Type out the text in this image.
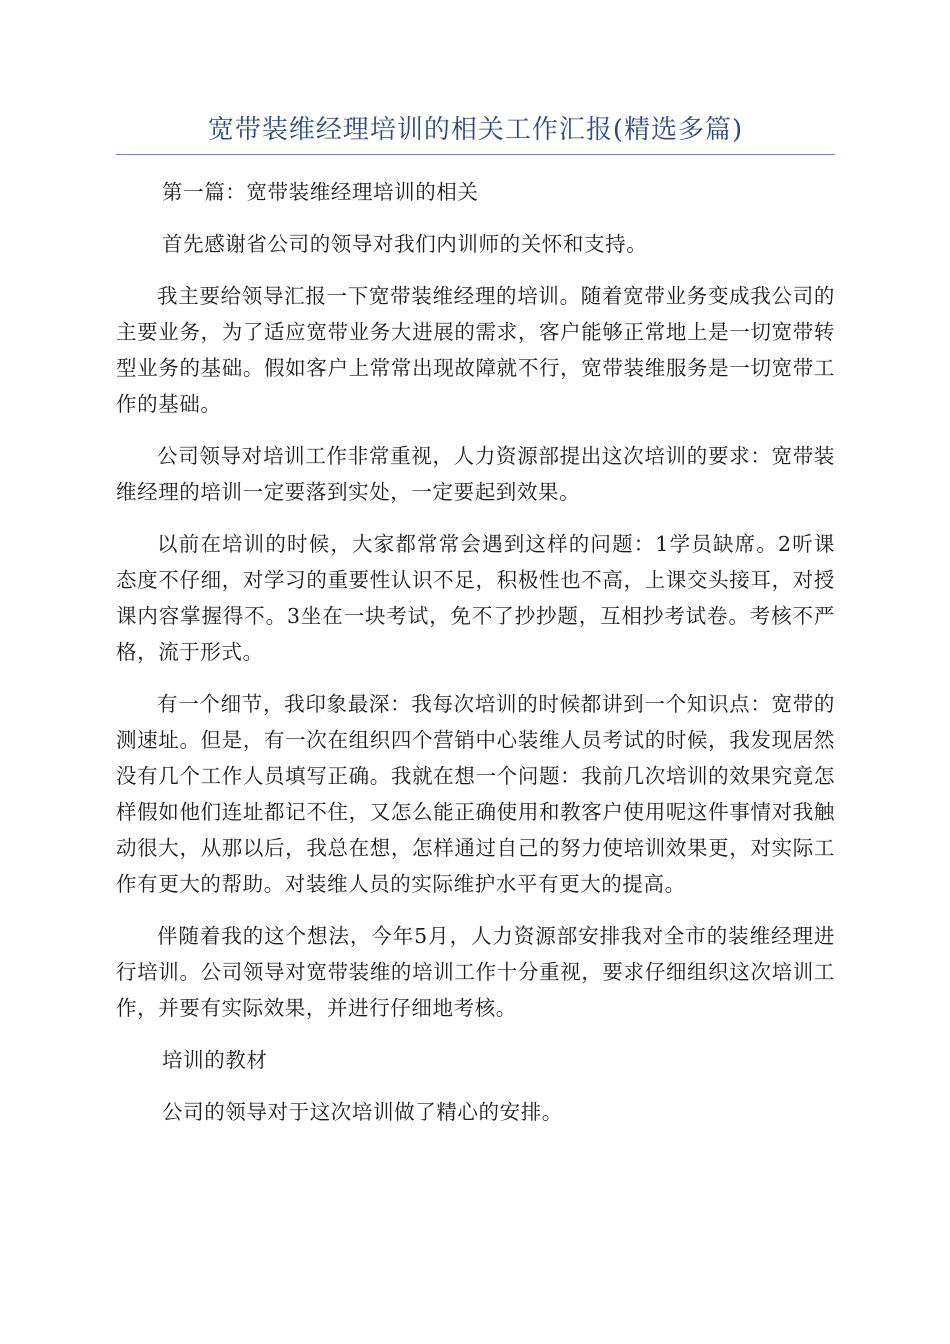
宽带装维经理培训的相关工作汇报(精选多篇)

第一篇：宽带装维经理培训的相关

首先感谢省公司的领导对我们内训师的关怀和支持。

我主要给领导汇报一下宽带装维经理的培训。随着宽带业务变成我公司的主要业务，为了适应宽带业务大进展的需求，客户能够正常地上是一切宽带转型业务的基础。假如客户上常常出现故障就不行，宽带装维服务是一切宽带工作的基础。

公司领导对培训工作非常重视，人力资源部提出这次培训的要求：宽带装维经理的培训一定要落到实处，一定要起到效果。

以前在培训的时候，大家都常常会遇到这样的问题：1学员缺席。2听课态度不仔细，对学习的重要性认识不足，积极性也不高，上课交头接耳，对授课内容掌握得不。3坐在一块考试，免不了抄抄题，互相抄考试卷。考核不严格，流于形式。

有一个细节，我印象最深：我每次培训的时候都讲到一个知识点：宽带的测速址。但是，有一次在组织四个营销中心装维人员考试的时候，我发现居然没有几个工作人员填写正确。我就在想一个问题：我前几次培训的效果究竟怎样假如他们连址都记不住，又怎么能正确使用和教客户使用呢这件事情对我触动很大，从那以后，我总在想，怎样通过自己的努力使培训效果更，对实际工作有更大的帮助。对装维人员的实际维护水平有更大的提高。

伴随着我的这个想法，今年5月，人力资源部安排我对全市的装维经理进行培训。公司领导对宽带装维的培训工作十分重视，要求仔细组织这次培训工作，并要有实际效果，并进行仔细地考核。

培训的教材

公司的领导对于这次培训做了精心的安排。
